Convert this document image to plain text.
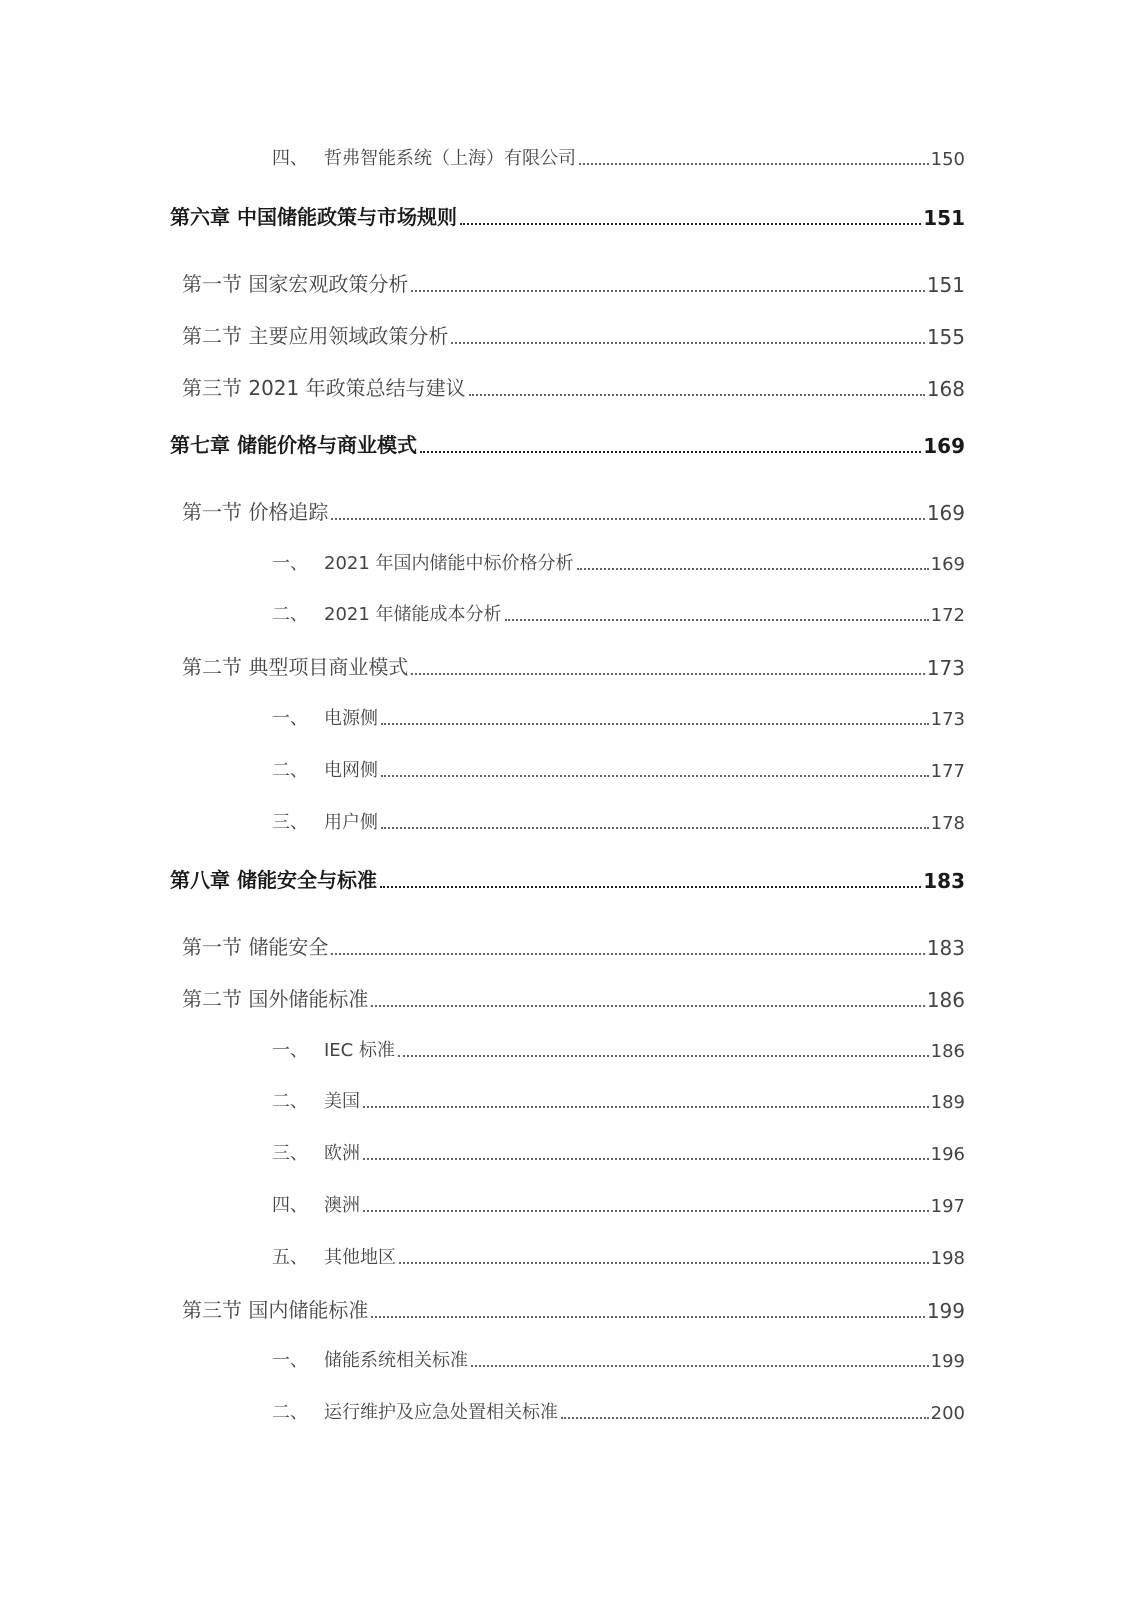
四、 哲弗智能系统（上海）有限公司	150
第六章 中国储能政策与市场规则	151
第一节 国家宏观政策分析	151
第二节 主要应用领域政策分析	155
第三节 2021 年政策总结与建议	168
第七章 储能价格与商业模式	169
第一节 价格追踪	169
一、 2021 年国内储能中标价格分析	169
二、 2021 年储能成本分析	172
第二节 典型项目商业模式	173
一、 电源侧	173
二、 电网侧	177
三、 用户侧	178
第八章 储能安全与标准	183
第一节 储能安全	183
第二节 国外储能标准	186
一、 IEC 标准	186
二、 美国	189
三、 欧洲	196
四、 澳洲	197
五、 其他地区	198
第三节 国内储能标准	199
一、 储能系统相关标准	199
二、 运行维护及应急处置相关标准	200
